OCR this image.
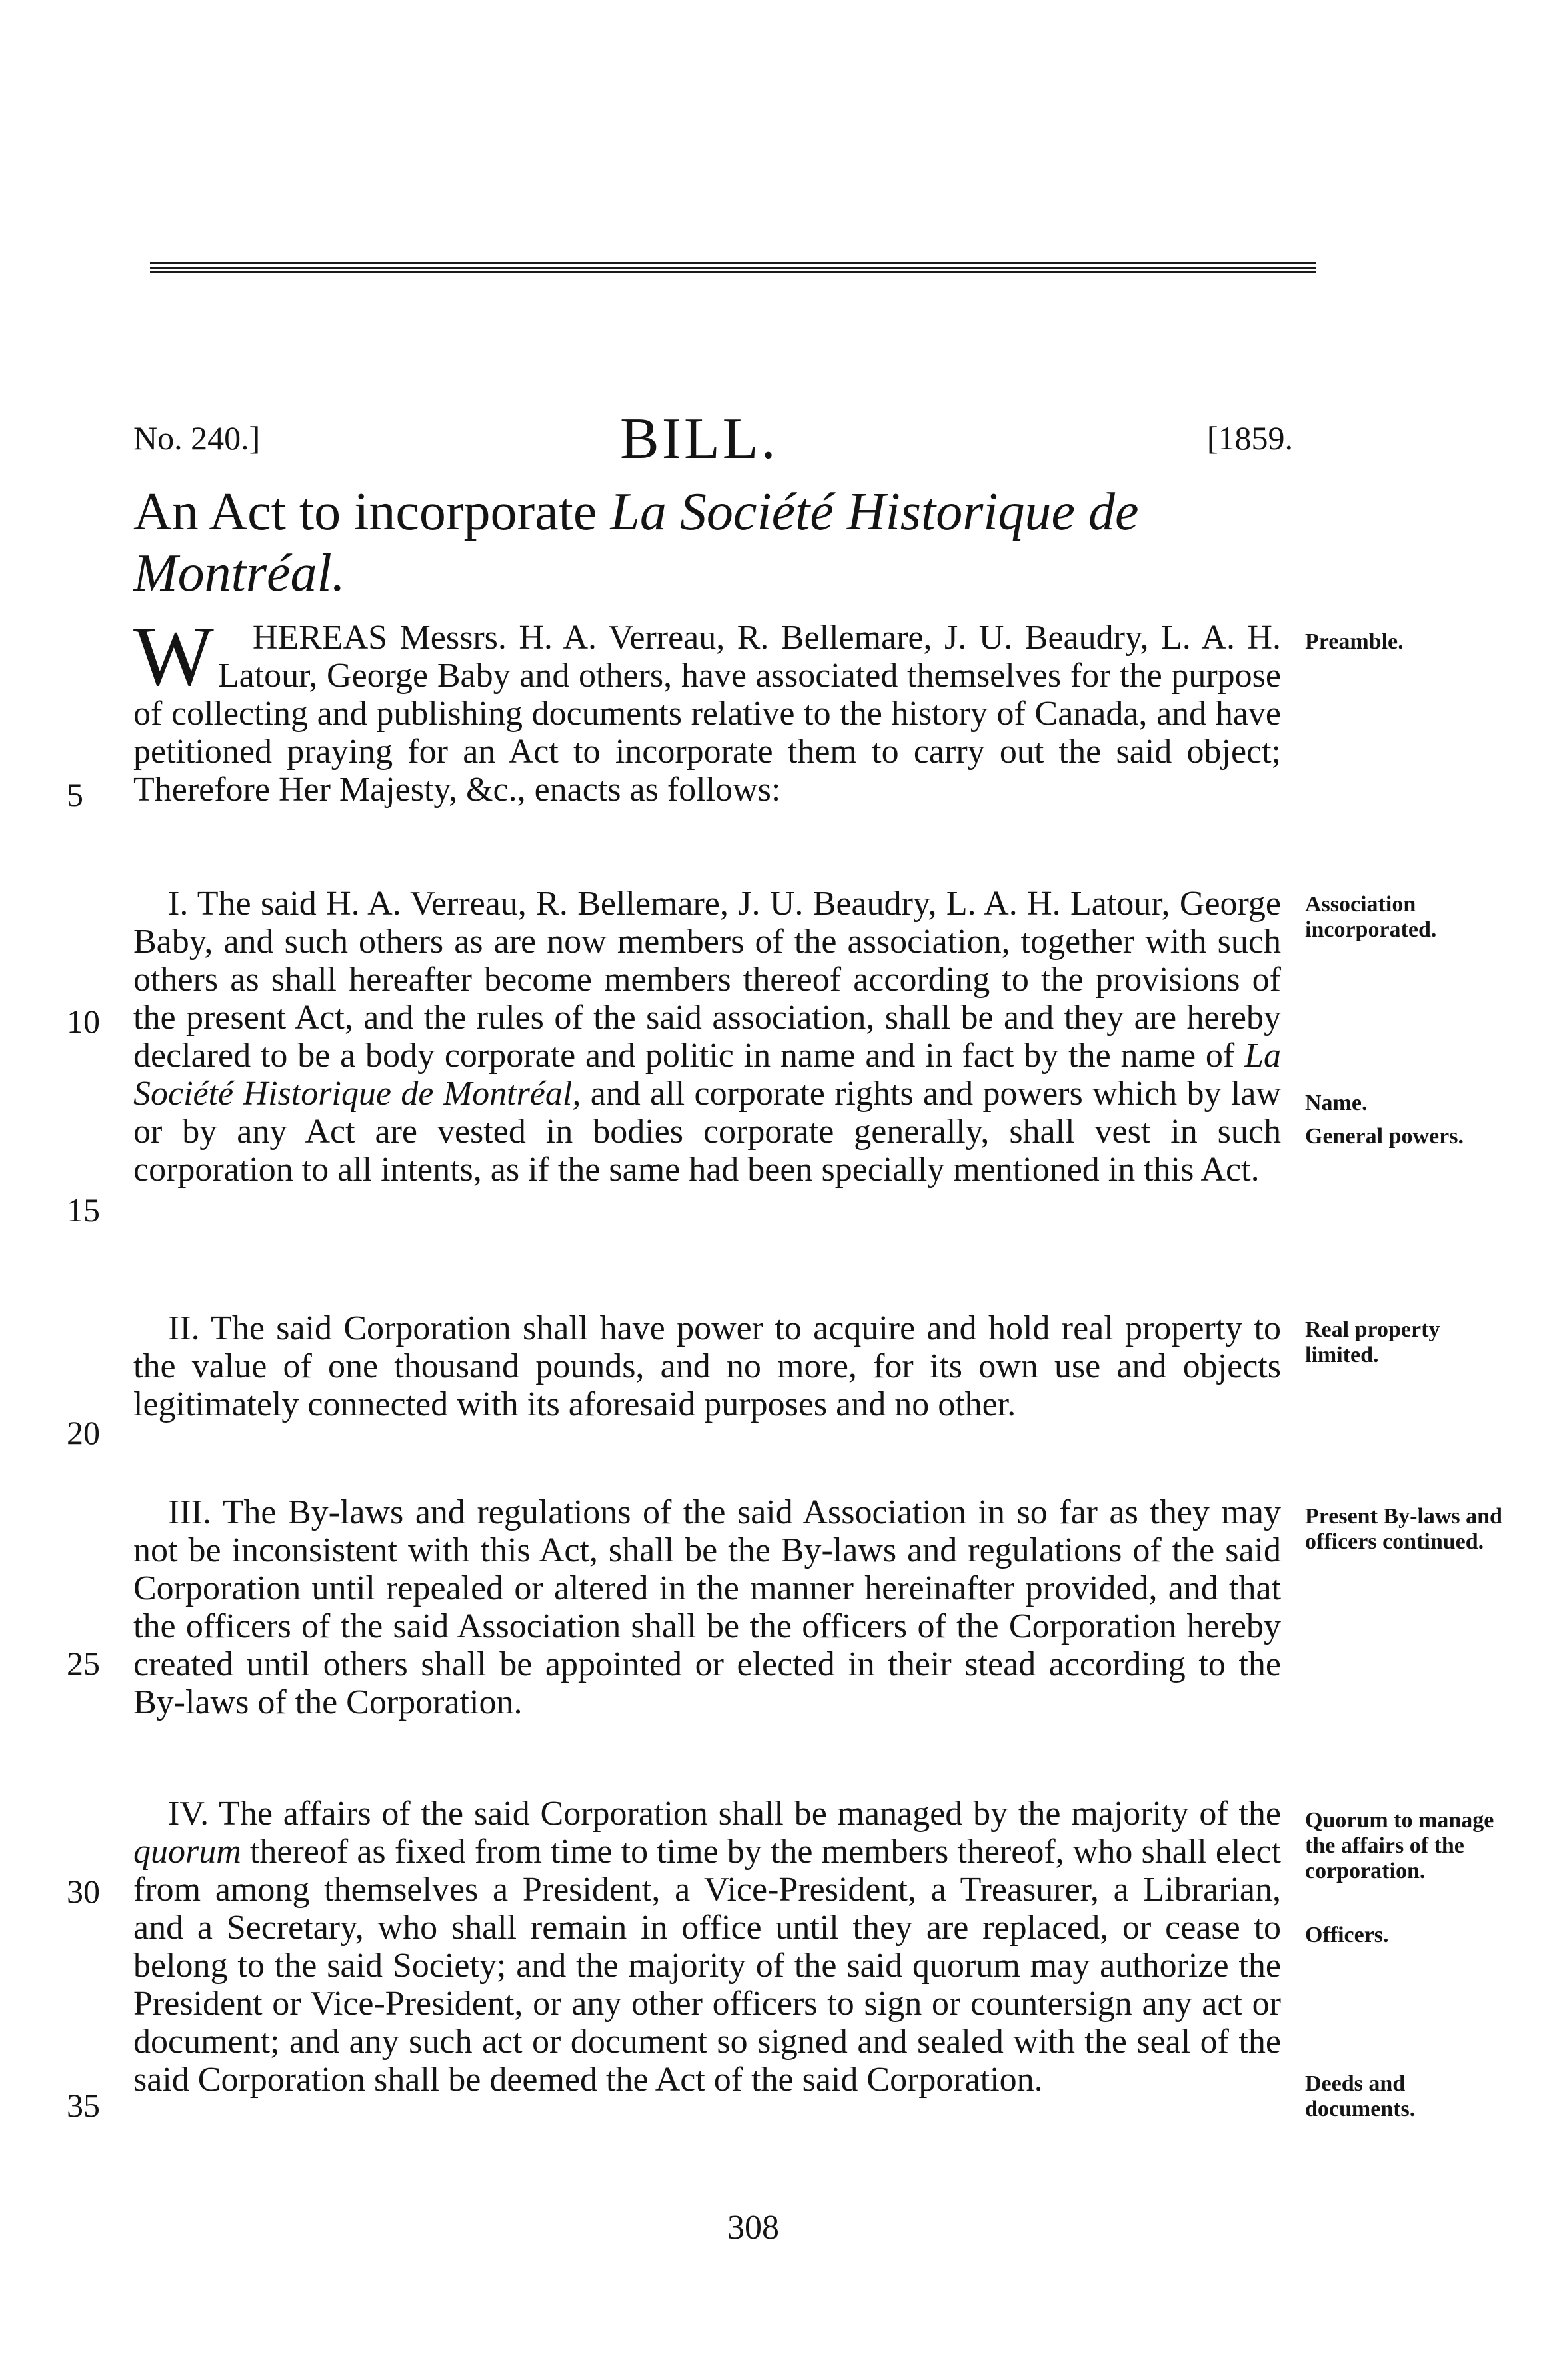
No. 240.]	BILL.	[1859.
An Act to incorporate La Société Historique de Montréal.

W HEREAS Messrs. H. A. Verreau, R. Bellemare, J. U. Beaudry, L. A. H. Latour, George Baby and others, have associated themselves for the purpose of collecting and publishing documents relative to the history of Canada, and have petitioned praying for an Act to incorporate them to carry out the said object; Therefore Her Majesty, &c., enacts as follows:

I. The said H. A. Verreau, R. Bellemare, J. U. Beaudry, L. A. H. Latour, George Baby, and such others as are now members of the association, together with such others as shall hereafter become members thereof according to the provisions of the present Act, and the rules of the said association, shall be and they are hereby declared to be a body corporate and politic in name and in fact by the name of La Société Historique de Montréal, and all corporate rights and powers which by law or by any Act are vested in bodies corporate generally, shall vest in such corporation to all intents, as if the same had been specially mentioned in this Act.

II. The said Corporation shall have power to acquire and hold real property to the value of one thousand pounds, and no more, for its own use and objects legitimately connected with its aforesaid purposes and no other.

III. The By-laws and regulations of the said Association in so far as they may not be inconsistent with this Act, shall be the By-laws and regulations of the said Corporation until repealed or altered in the manner hereinafter provided, and that the officers of the said Association shall be the officers of the Corporation hereby created until others shall be appointed or elected in their stead according to the By-laws of the Corporation.

IV. The affairs of the said Corporation shall be managed by the majority of the quorum thereof as fixed from time to time by the members thereof, who shall elect from among themselves a President, a Vice-President, a Treasurer, a Librarian, and a Secretary, who shall remain in office until they are replaced, or cease to belong to the said Society; and the majority of the said quorum may authorize the President or Vice-President, or any other officers to sign or countersign any act or document; and any such act or document so signed and sealed with the seal of the said Corporation shall be deemed the Act of the said Corporation.

5
10
15
20
25
30
35
Preamble.
Association incorporated.
Name.
General powers.
Real property limited.
Present By-laws and officers continued.
Quorum to manage the affairs of the corporation.
Officers.
Deeds and documents.
308
